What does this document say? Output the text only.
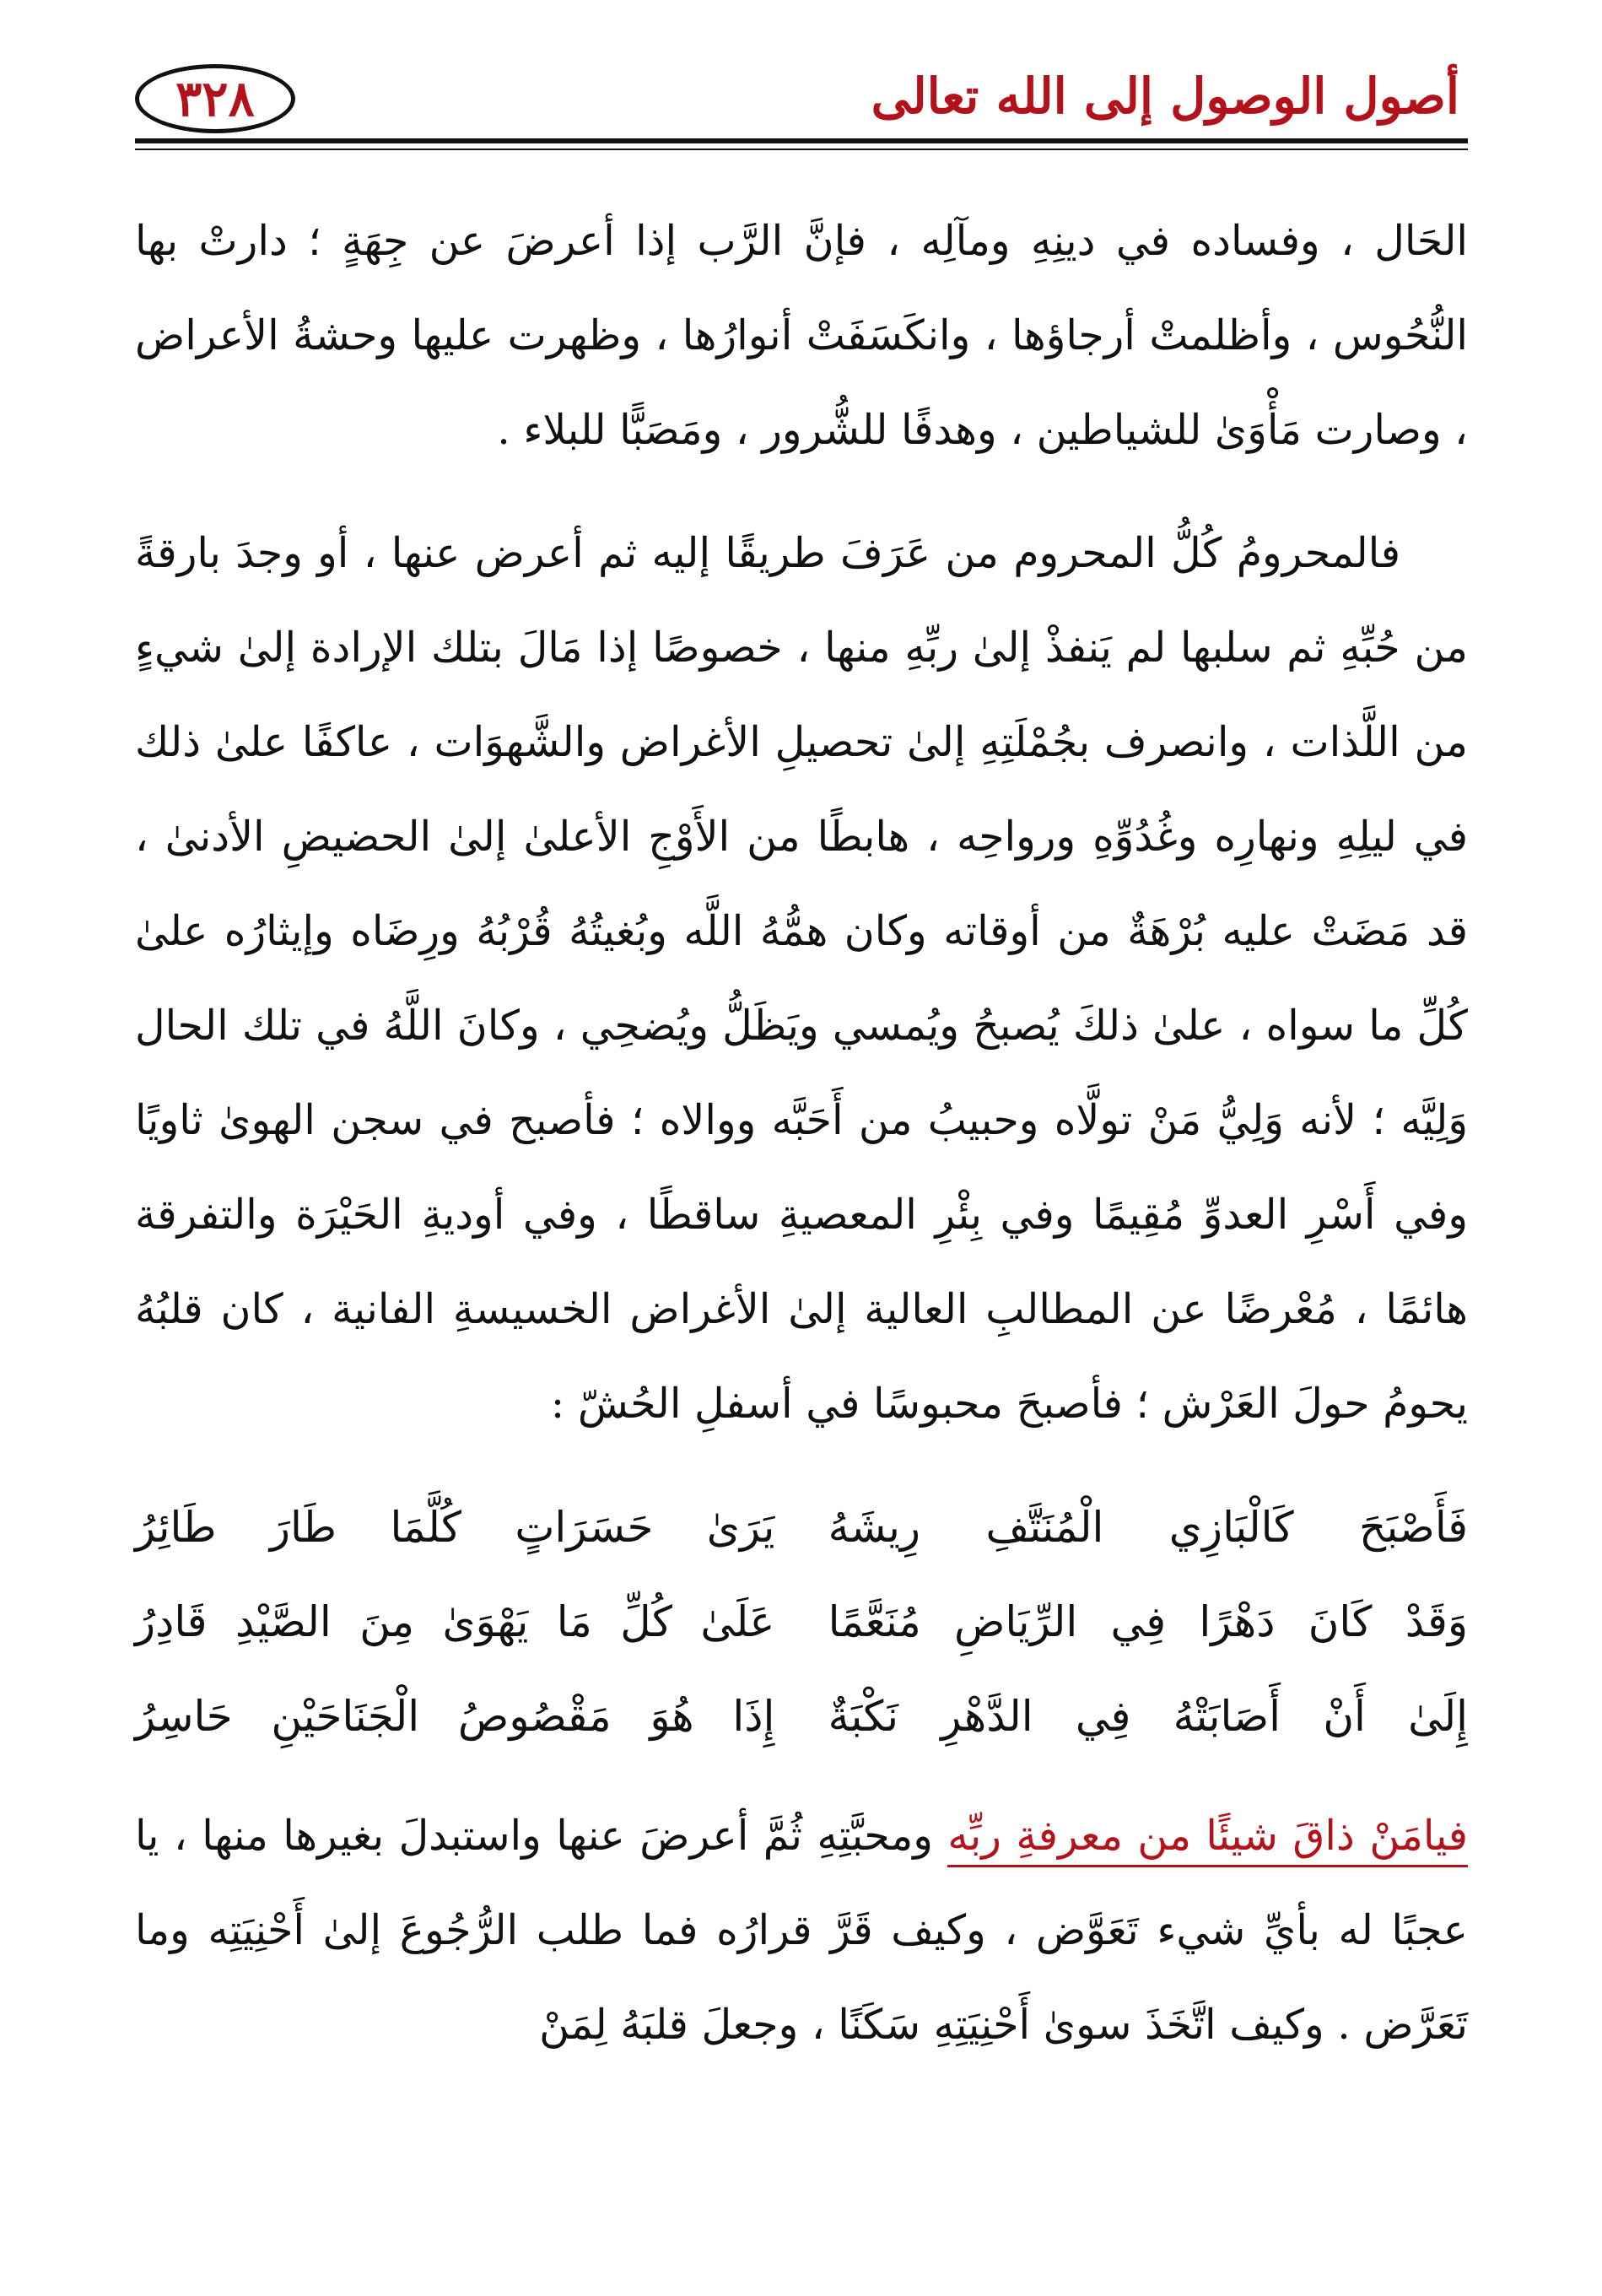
أصول الوصول إلى الله تعالى
٣٢٨

الحَال ، وفساده في دينِهِ ومآلِه ، فإنَّ الرَّب إذا أعرضَ عن جِهَةٍ ؛ دارتْ بها النُّحُوس ، وأظلمتْ أرجاؤها ، وانكَسَفَتْ أنوارُها ، وظهرت عليها وحشةُ الأعراض ، وصارت مَأْوَىٰ للشياطين ، وهدفًا للشُّرور ، ومَصَبًّا للبلاء .

فالمحرومُ كُلُّ المحروم من عَرَفَ طريقًا إليه ثم أعرض عنها ، أو وجدَ بارقةً من حُبِّهِ ثم سلبها لم يَنفذْ إلىٰ ربِّهِ منها ، خصوصًا إذا مَالَ بتلك الإرادة إلىٰ شيءٍ من اللَّذات ، وانصرف بجُمْلَتِهِ إلىٰ تحصيلِ الأغراض والشَّهوَات ، عاكفًا علىٰ ذلك في ليلِهِ ونهارِه وغُدُوِّهِ ورواحِه ، هابطًا من الأَوْجِ الأعلىٰ إلىٰ الحضيضِ الأدنىٰ ، قد مَضَتْ عليه بُرْهَةٌ من أوقاته وكان همُّهُ اللَّه وبُغيتُهُ قُرْبُهُ ورِضَاه وإيثارُه علىٰ كُلِّ ما سواه ، علىٰ ذلكَ يُصبحُ ويُمسي ويَظَلُّ ويُضحِي ، وكانَ اللَّهُ في تلك الحال وَلِيَّه ؛ لأنه وَلِيُّ مَنْ تولَّاه وحبيبُ من أَحَبَّه ووالاه ؛ فأصبح في سجن الهوىٰ ثاويًا وفي أَسْرِ العدوِّ مُقِيمًا وفي بِئْرِ المعصيةِ ساقطًا ، وفي أوديةِ الحَيْرَة والتفرقة هائمًا ، مُعْرضًا عن المطالبِ العالية إلىٰ الأغراض الخسيسةِ الفانية ، كان قلبُهُ يحومُ حولَ العَرْش ؛ فأصبحَ محبوسًا في أسفلِ الحُشّ :

فَأَصْبَحَ كَالْبَازِي الْمُنَتَّفِ رِيشَهُ
يَرَىٰ حَسَرَاتٍ كُلَّمَا طَارَ طَائِرُ
وَقَدْ كَانَ دَهْرًا فِي الرِّيَاضِ مُنَعَّمًا
عَلَىٰ كُلِّ مَا يَهْوَىٰ مِنَ الصَّيْدِ قَادِرُ
إِلَىٰ أَنْ أَصَابَتْهُ فِي الدَّهْرِ نَكْبَةٌ
إِذَا هُوَ مَقْصُوصُ الْجَنَاحَيْنِ حَاسِرُ

فيامَنْ ذاقَ شيئًا من معرفةِ ربِّه ومحبَّتِهِ ثُمَّ أعرضَ عنها واستبدلَ بغيرها منها ، يا عجبًا له بأيِّ شيء تَعَوَّض ، وكيف قَرَّ قرارُه فما طلب الرُّجُوعَ إلىٰ أَحْنِيَتِه وما تَعَرَّض . وكيف اتَّخَذَ سوىٰ أَحْنِيَتِهِ سَكَنًا ، وجعلَ قلبَهُ لِمَنْ
